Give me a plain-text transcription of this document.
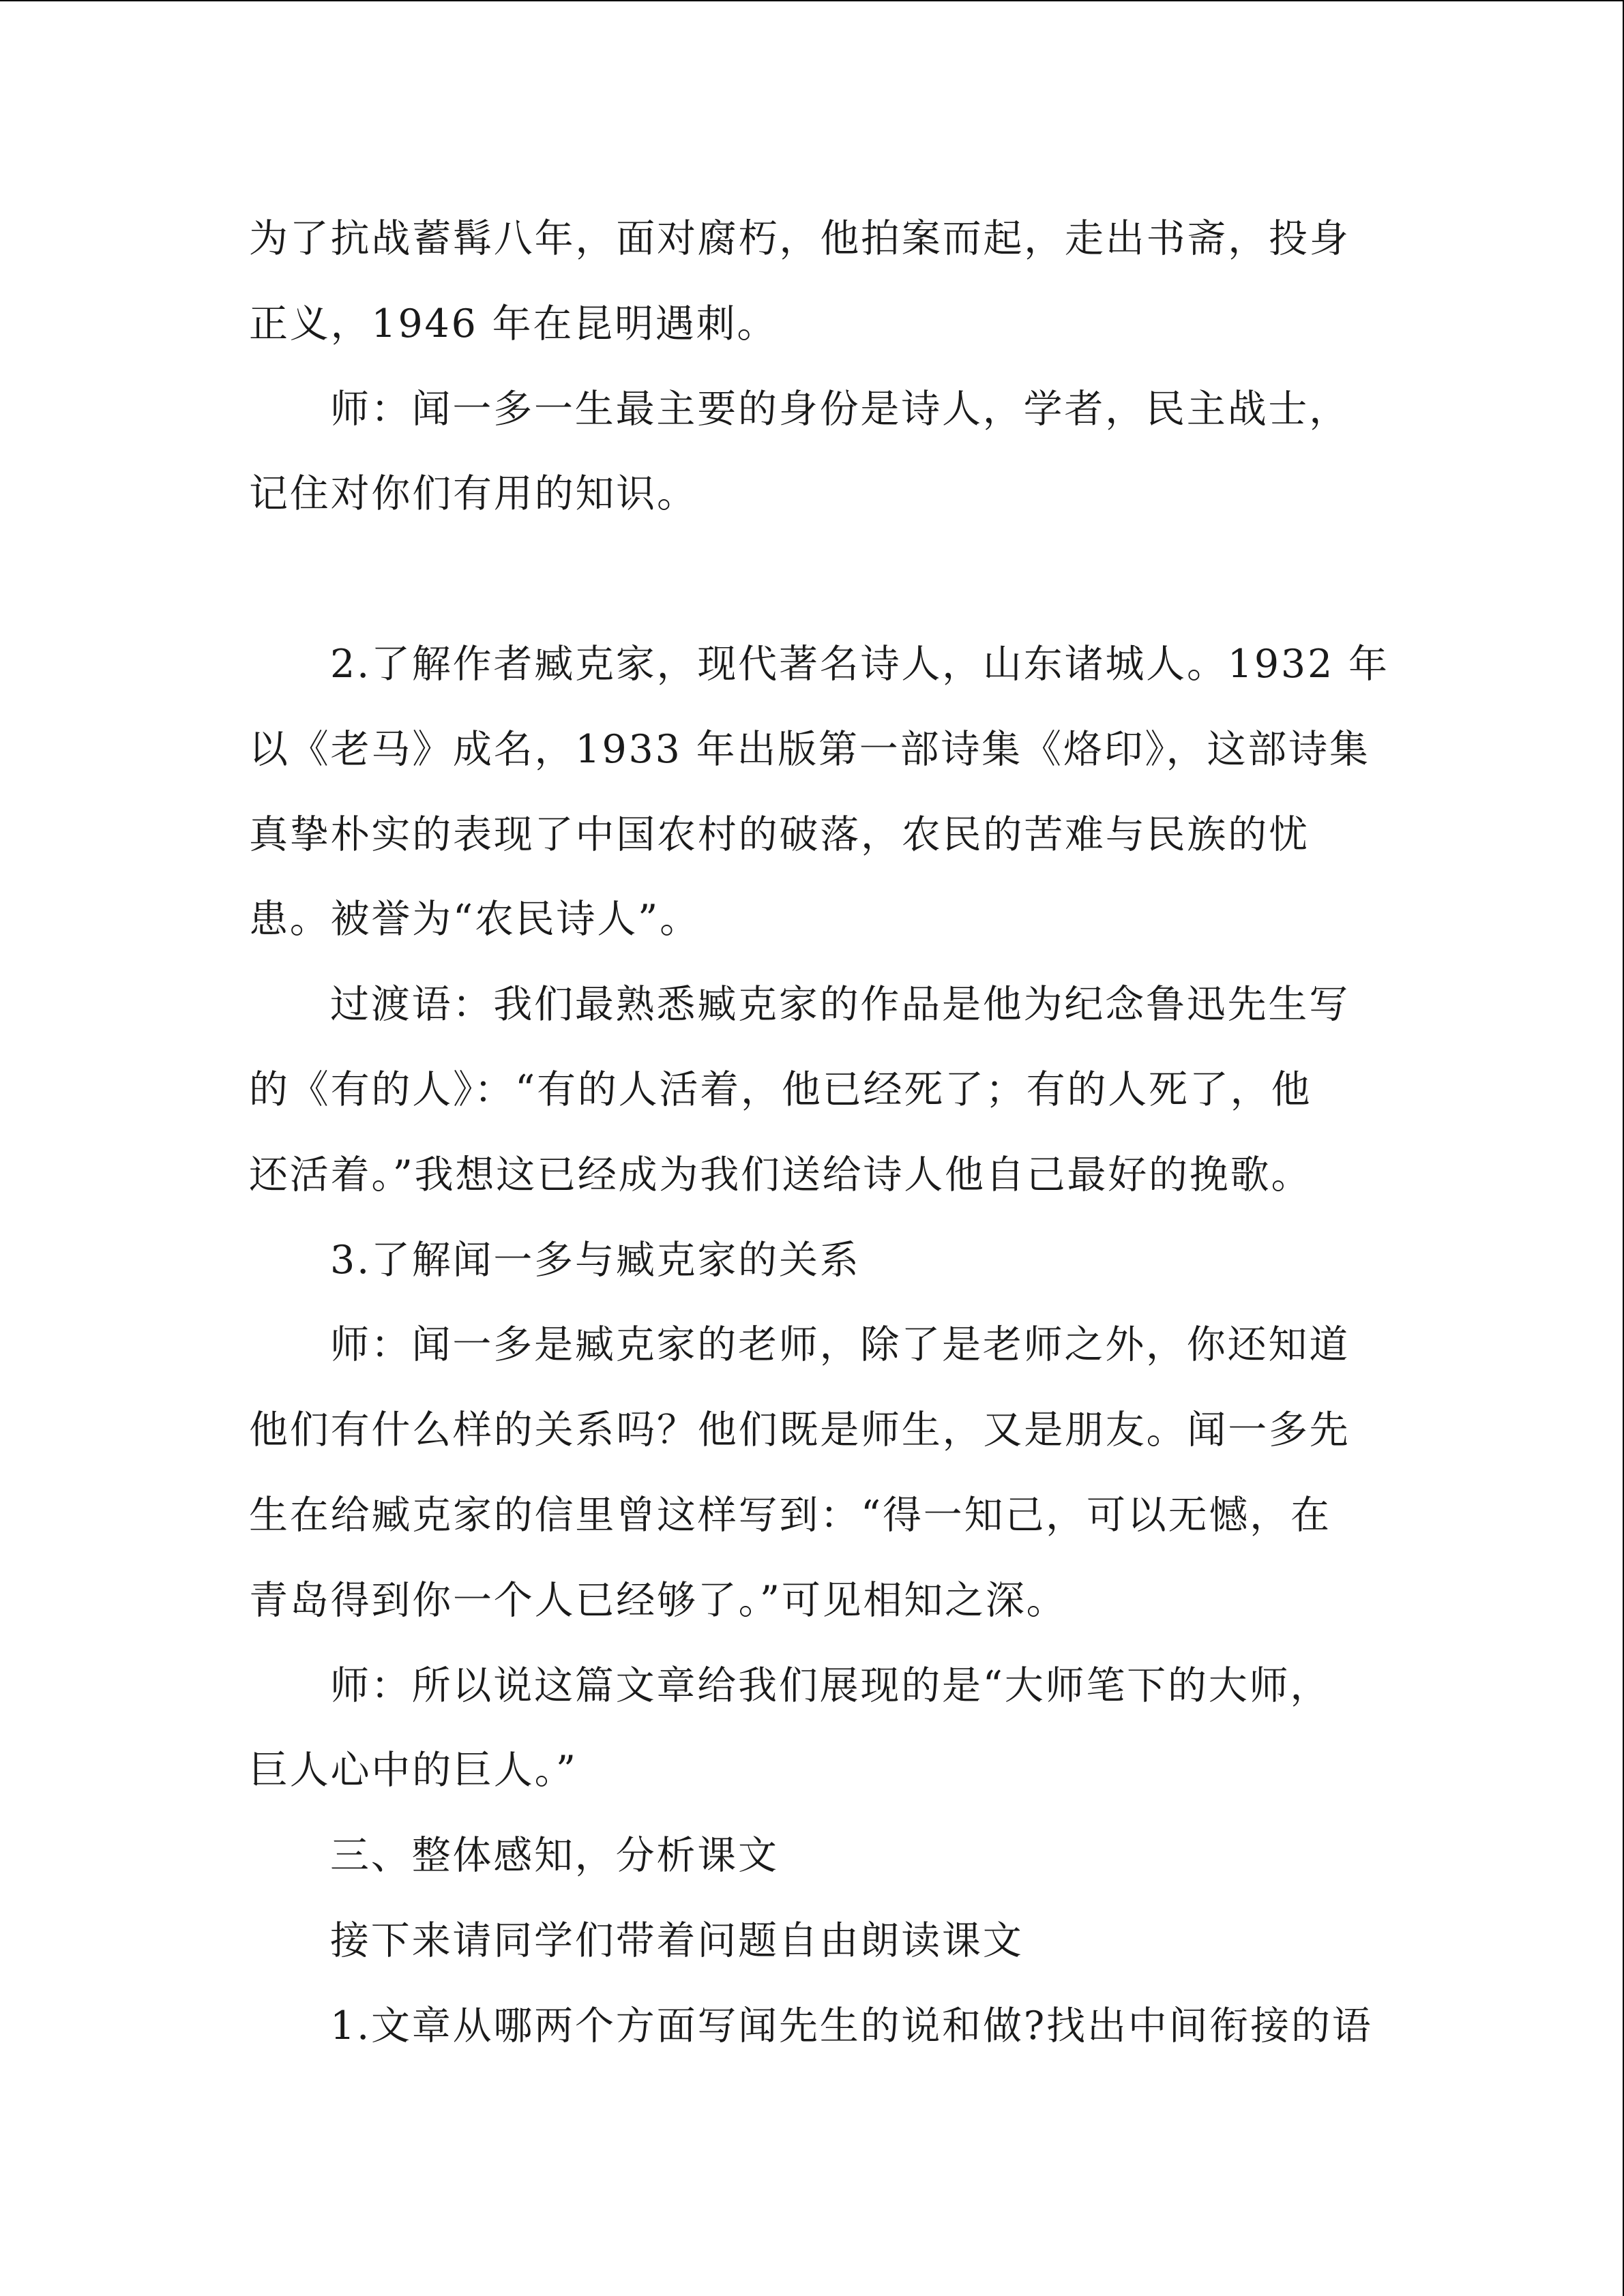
为了抗战蓄髯八年，面对腐朽，他拍案而起，走出书斋，投身
正义，1946 年在昆明遇刺。
师：闻一多一生最主要的身份是诗人，学者，民主战士，
记住对你们有用的知识。
2.了解作者臧克家，现代著名诗人，山东诸城人。1932 年
以《老马》成名，1933 年出版第一部诗集《烙印》，这部诗集
真挚朴实的表现了中国农村的破落，农民的苦难与民族的忧
患。被誉为“农民诗人”。
过渡语：我们最熟悉臧克家的作品是他为纪念鲁迅先生写
的《有的人》：“有的人活着，他已经死了；有的人死了，他
还活着。”我想这已经成为我们送给诗人他自己最好的挽歌。
3.了解闻一多与臧克家的关系
师：闻一多是臧克家的老师，除了是老师之外，你还知道
他们有什么样的关系吗？他们既是师生，又是朋友。闻一多先
生在给臧克家的信里曾这样写到：“得一知己，可以无憾，在
青岛得到你一个人已经够了。”可见相知之深。
师：所以说这篇文章给我们展现的是“大师笔下的大师，
巨人心中的巨人。”
三、整体感知，分析课文
接下来请同学们带着问题自由朗读课文
1.文章从哪两个方面写闻先生的说和做?找出中间衔接的语
